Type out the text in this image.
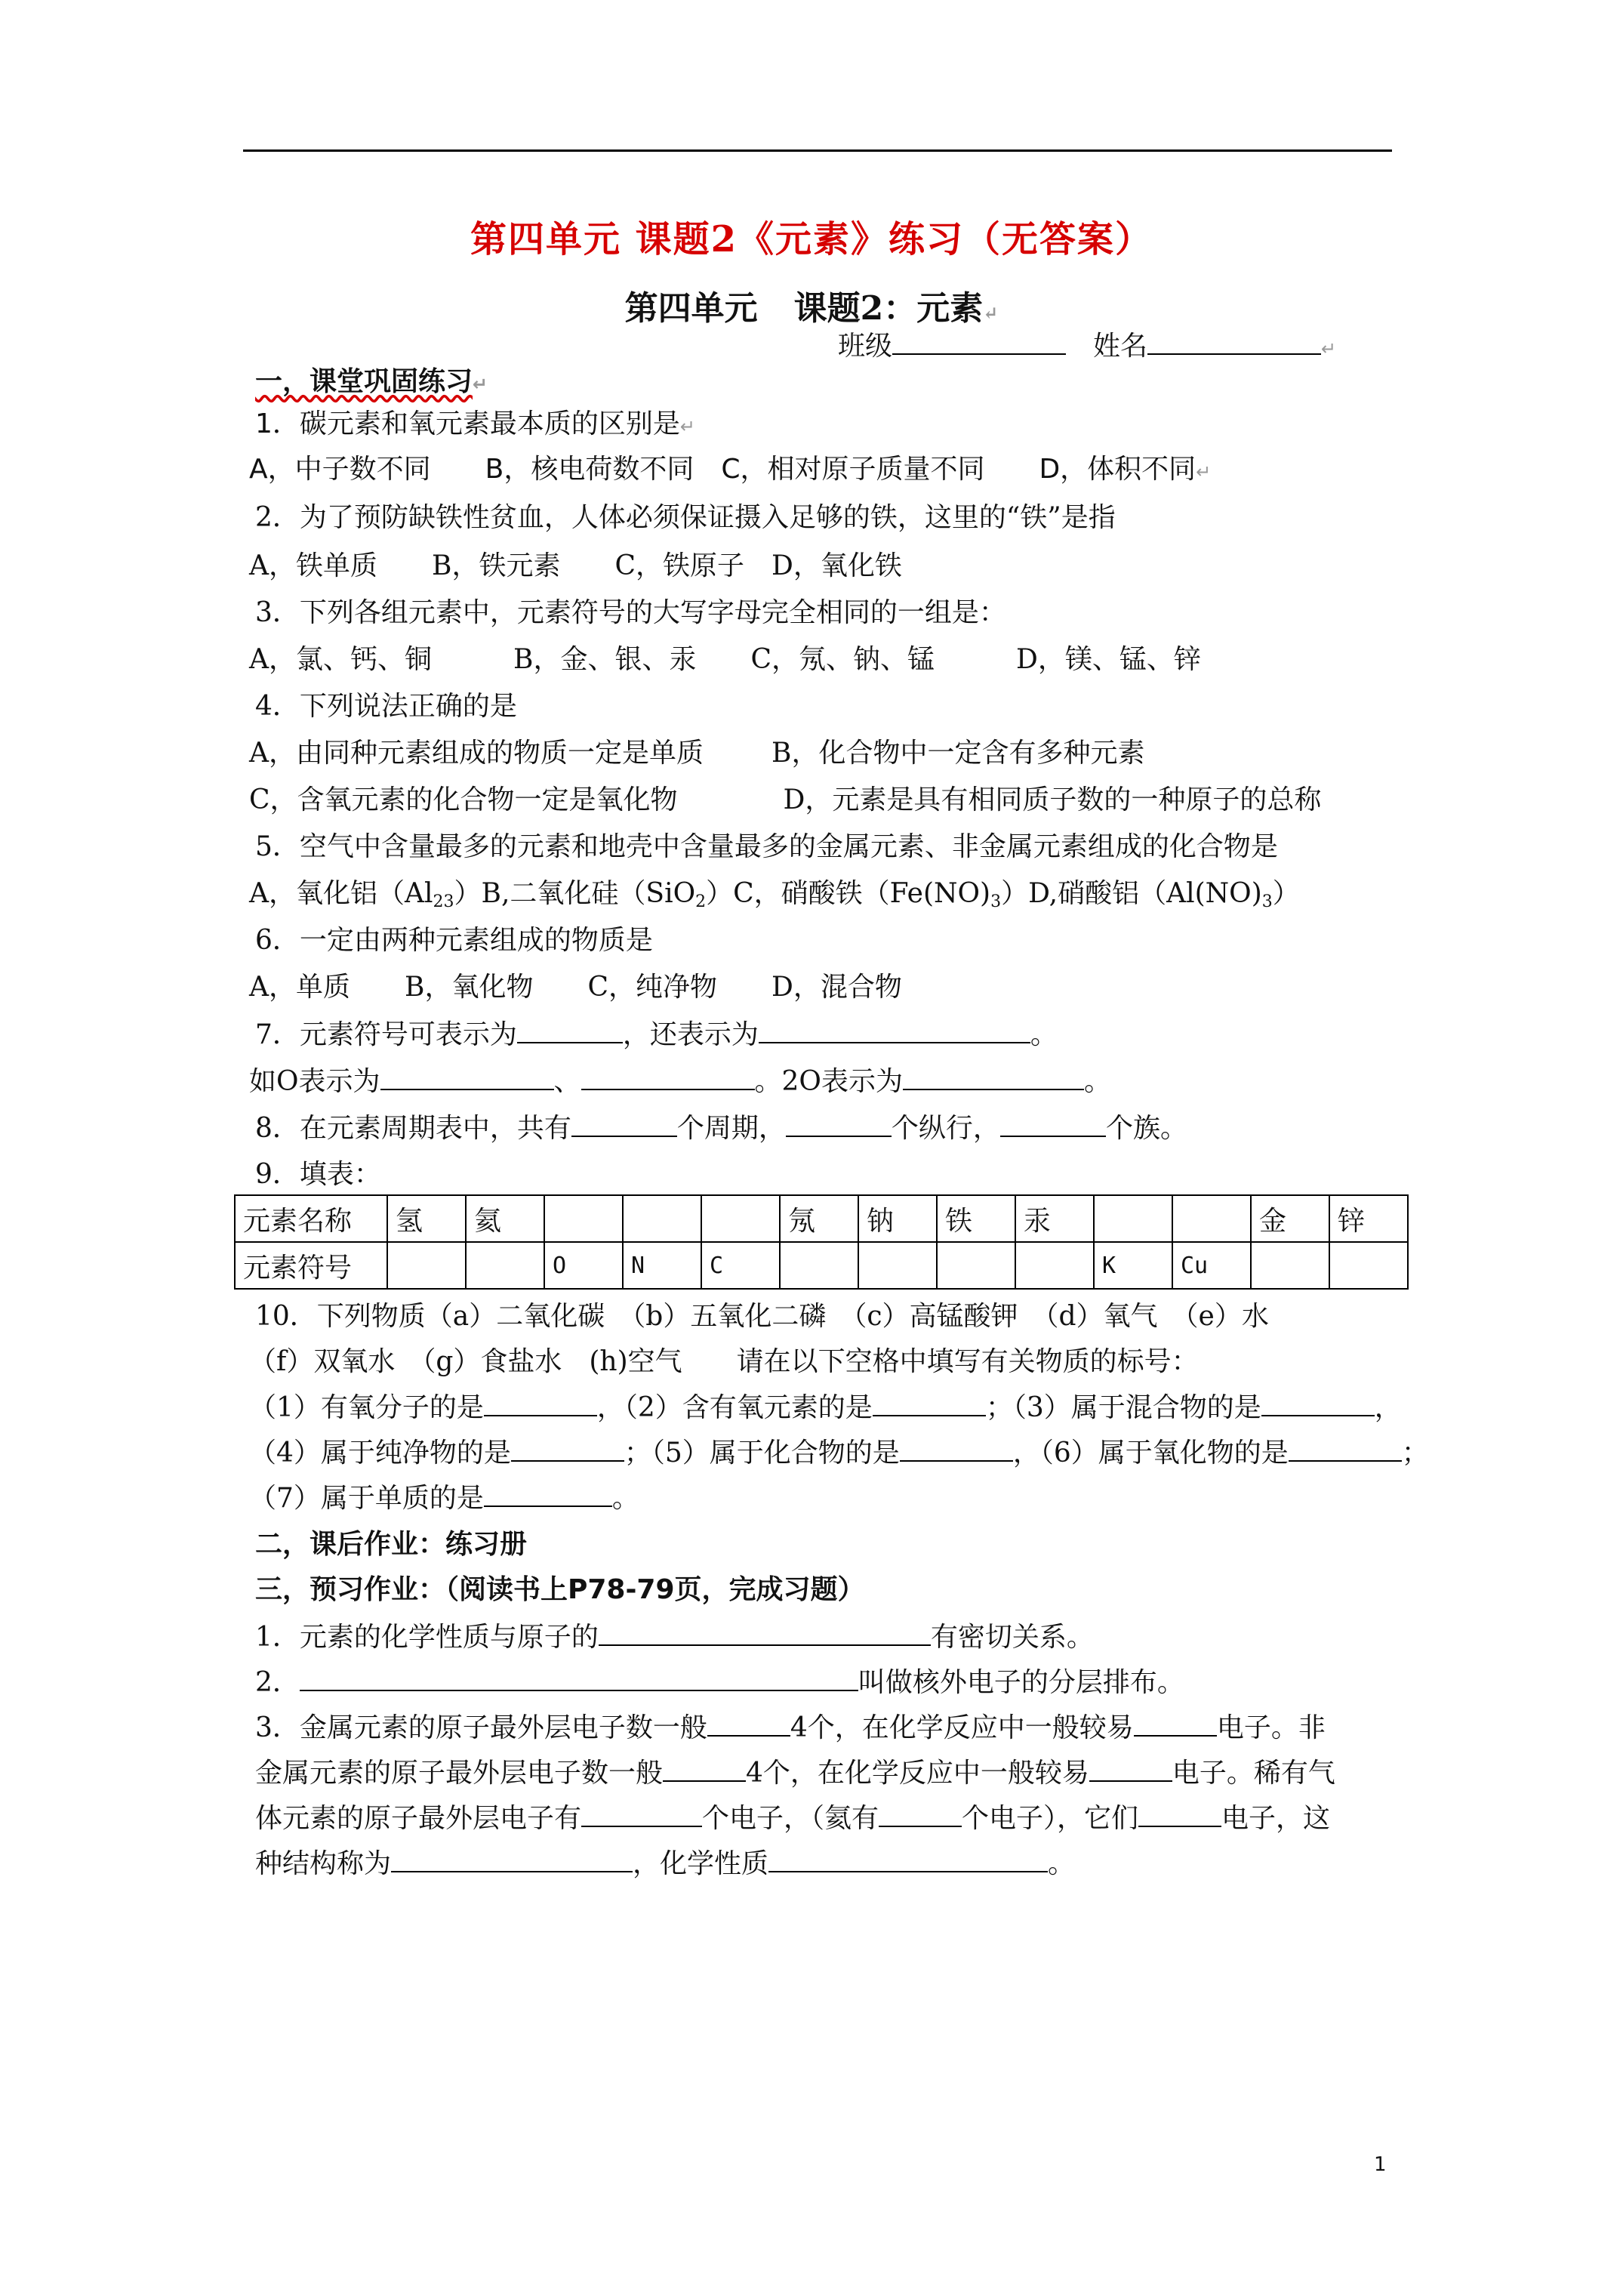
第四单元 课题2《元素》练习（无答案）
第四单元 课题2：元素↵
班级	姓名	↵
一，课堂巩固练习↵
1．碳元素和氧元素最本质的区别是↵
A，中子数不同　　B，核电荷数不同　C，相对原子质量不同　　D，体积不同↵
2．为了预防缺铁性贫血，人体必须保证摄入足够的铁，这里的“铁”是指
A，铁单质　　B，铁元素　　C，铁原子　D，氧化铁
3．下列各组元素中，元素符号的大写字母完全相同的一组是：
A，氯、钙、铜　　　B，金、银、汞　　C，氖、钠、锰　　　D，镁、锰、锌
4．下列说法正确的是
A，由同种元素组成的物质一定是单质	B，化合物中一定含有多种元素
C，含氧元素的化合物一定是氧化物	D，元素是具有相同质子数的一种原子的总称
5．空气中含量最多的元素和地壳中含量最多的金属元素、非金属元素组成的化合物是
A，氧化铝$(Al_{23})B$,二氧化硅（SiO$_2$）C，硝酸铁$(Fe(NO)_3)D$,硝酸铝$(Al(NO)_3)$
6．一定由两种元素组成的物质是
A，单质　　B，氧化物　　C，纯净物　　D，混合物
7．元素符号可表示为	，还表示为	。
如O表示为	、	。2O表示为	。
8．在元素周期表中，共有	个周期，	个纵行，	个族。
9．填表：
元素名称	氢	氦				氖	钠	铁	汞			金	锌
元素符号			O	N	C					K	Cu		
10．下列物质（a）二氧化碳　（b）五氧化二磷　（c）高锰酸钾　（d）氧气　（e）水
（f）双氧水　（g）食盐水　(h)空气　　请在以下空格中填写有关物质的标号：
（1）有氧分子的是	，（2）含有氧元素的是	；（3）属于混合物的是	，
（4）属于纯净物的是	；（5）属于化合物的是	，（6）属于氧化物的是	；
（7）属于单质的是	。
二，课后作业：练习册
三，预习作业：（阅读书上P78-79页，完成习题）
1．元素的化学性质与原子的	有密切关系。
2．	叫做核外电子的分层排布。
3．金属元素的原子最外层电子数一般	4个，在化学反应中一般较易	电子。非
金属元素的原子最外层电子数一般	4个，在化学反应中一般较易	电子。稀有气
体元素的原子最外层电子有	个电子，（氦有	个电子），它们	电子，这
种结构称为	，化学性质	。
1
